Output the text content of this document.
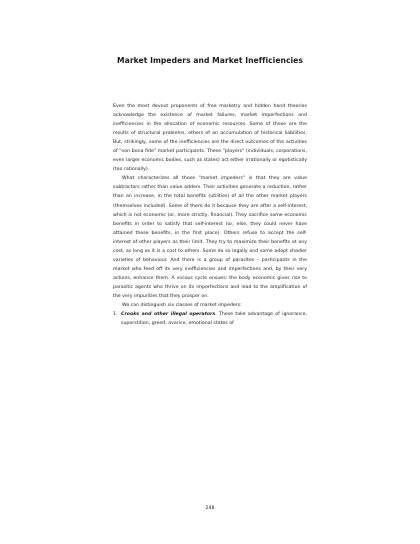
Market Impeders and Market Inefficiencies

Even the most devout proponents of free marketry and hidden hand theories acknowledge the existence of market failures, market imperfections and inefficiencies in the allocation of economic resources. Some of these are the results of structural problems, others of an accumulation of historical liabilities. But, strikingly, some of the inefficiencies are the direct outcomes of the activities of "non bona fide" market participants. These "players" (individuals, corporations, even larger economic bodies, such as states) act either irrationally or egotistically (too rationally).

What characterizes all those "market impeders" is that they are value subtractors rather than value adders. Their activities generate a reduction, rather than an increase, in the total benefits (utilities) of all the other market players (themselves included). Some of them do it because they are after a self-interest, which is not economic (or, more strictly, financial). They sacrifice some economic benefits in order to satisfy that self-interest (or, else, they could never have attained these benefits, in the first place). Others refuse to accept the self-interest of other players as their limit. They try to maximize their benefits at any cost, as long as it is a cost to others. Some do so legally and some adopt shadier varieties of behaviour. And there is a group of parasites – participants in the market who feed off its very inefficiencies and imperfections and, by their very actions, enhance them. A vicious cycle ensues: the body economic gives rise to parasitic agents who thrive on its imperfections and lead to the amplification of the very impurities that they prosper on.

We can distinguish six classes of market impeders:

1. Crooks and other illegal operators. These take advantage of ignorance, superstition, greed, avarice, emotional states of

248
